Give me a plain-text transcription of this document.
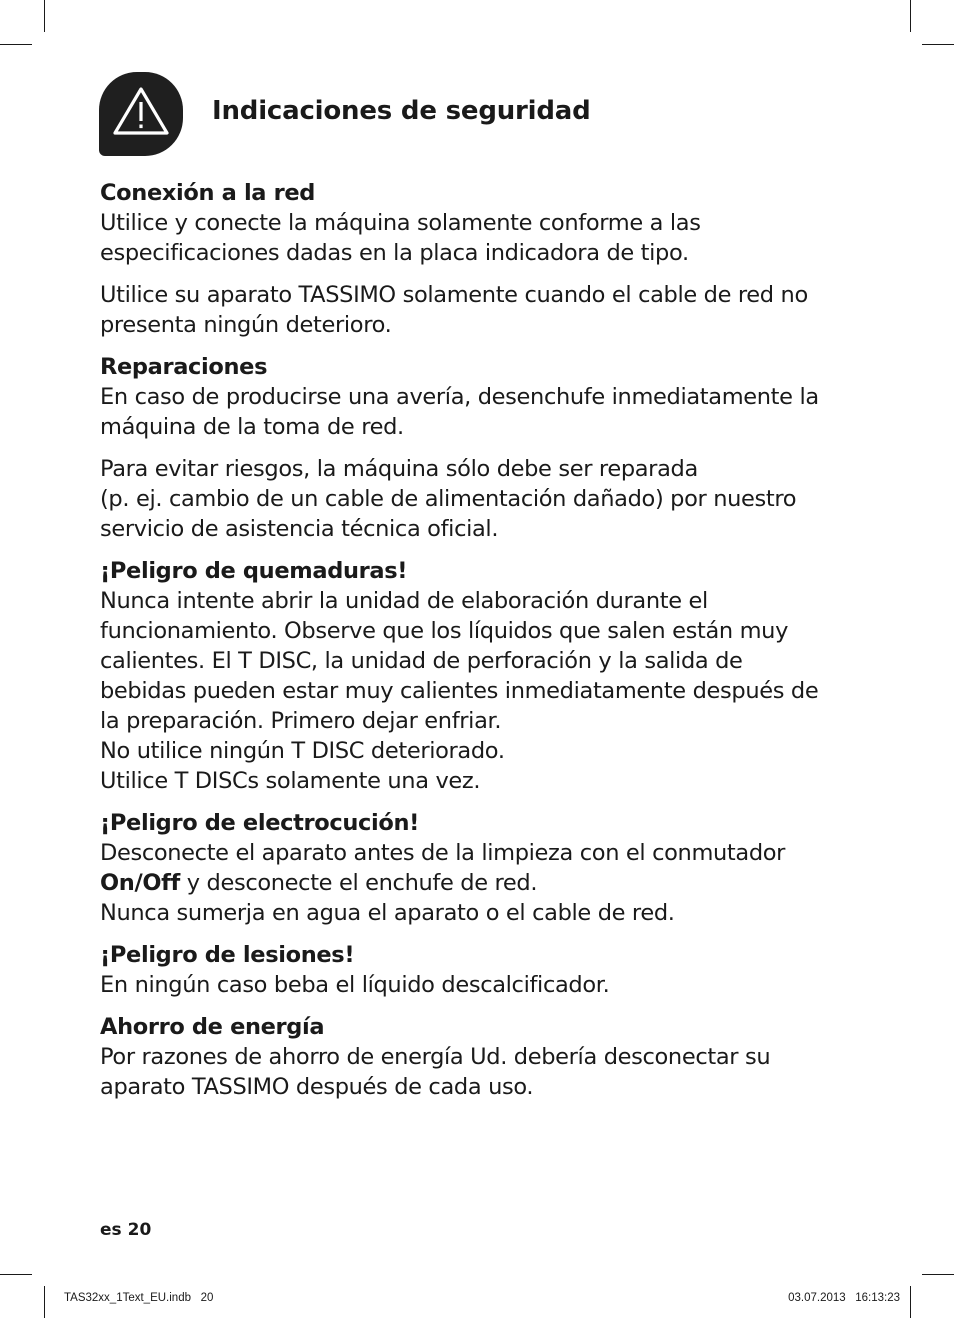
Indicaciones de seguridad

Conexión a la red
Utilice y conecte la máquina solamente conforme a las
especificaciones dadas en la placa indicadora de tipo.

Utilice su aparato TASSIMO solamente cuando el cable de red no
presenta ningún deterioro.

Reparaciones
En caso de producirse una avería, desenchufe inmediatamente la
máquina de la toma de red.

Para evitar riesgos, la máquina sólo debe ser reparada
(p. ej. cambio de un cable de alimentación dañado) por nuestro
servicio de asistencia técnica oficial.

¡Peligro de quemaduras!
Nunca intente abrir la unidad de elaboración durante el
funcionamiento. Observe que los líquidos que salen están muy
calientes. El T DISC, la unidad de perforación y la salida de
bebidas pueden estar muy calientes inmediatamente después de
la preparación. Primero dejar enfriar.
No utilice ningún T DISC deteriorado.
Utilice T DISCs solamente una vez.

¡Peligro de electrocución!
Desconecte el aparato antes de la limpieza con el conmutador
On/Off y desconecte el enchufe de red.
Nunca sumerja en agua el aparato o el cable de red.

¡Peligro de lesiones!
En ningún caso beba el líquido descalcificador.

Ahorro de energía
Por razones de ahorro de energía Ud. debería desconectar su
aparato TASSIMO después de cada uso.

es 20
TAS32xx_1Text_EU.indb   20	03.07.2013   16:13:23
